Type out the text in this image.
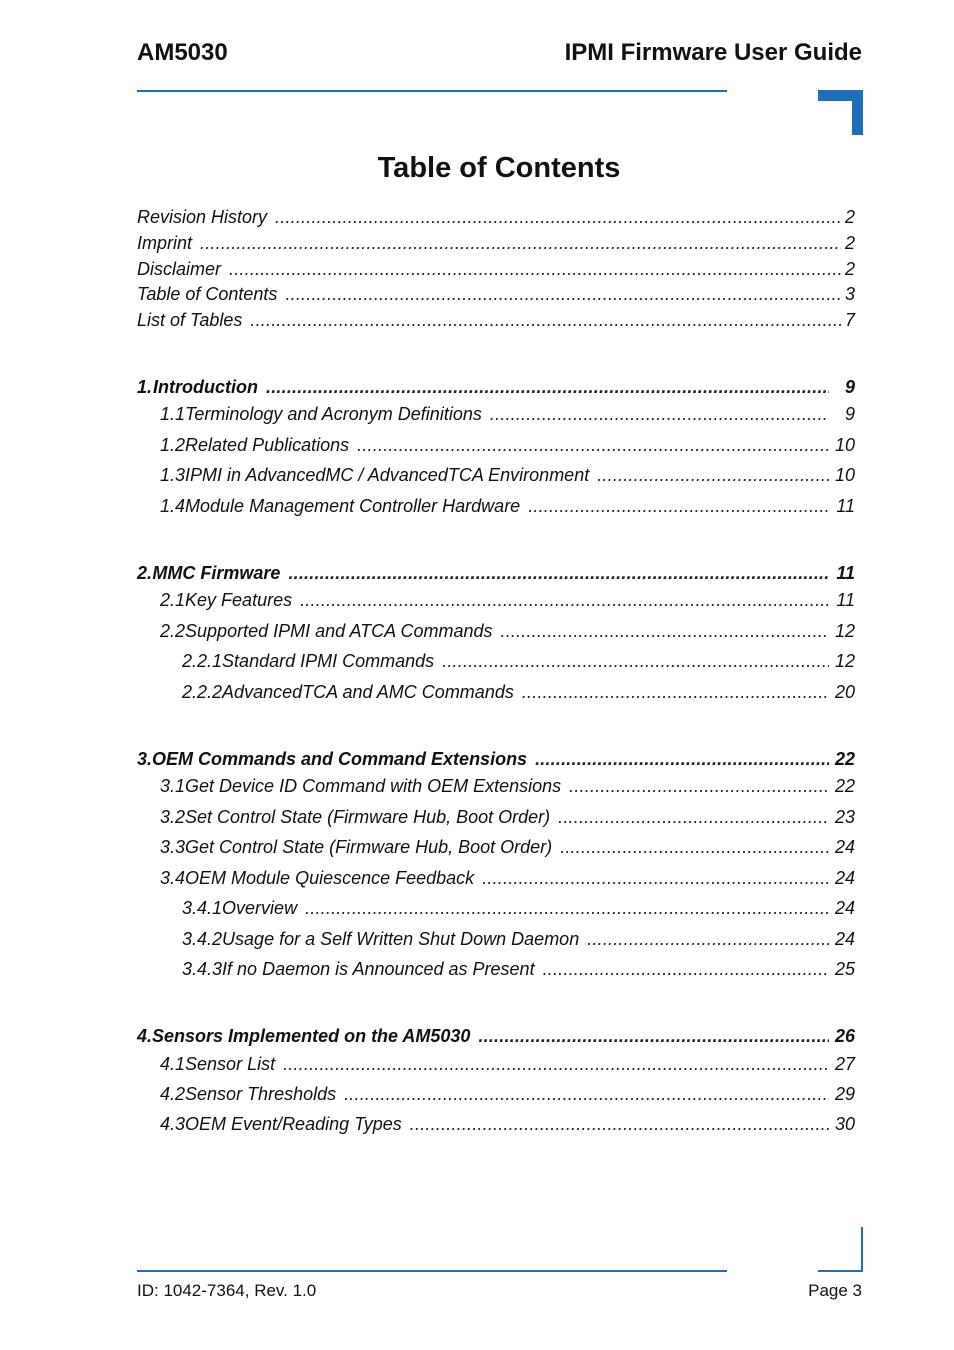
AM5030	IPMI Firmware User Guide
Table of Contents
Revision History . . .	2
Imprint . . .	2
Disclaimer . . .	2
Table of Contents . . .	3
List of Tables . . .	7
1. Introduction . . .	9
1.1 Terminology and Acronym Definitions . . .	9
1.2 Related Publications . . .	10
1.3 IPMI in AdvancedMC / AdvancedTCA Environment . . .	10
1.4 Module Management Controller Hardware . . .	11
2. MMC Firmware . . .	11
2.1 Key Features . . .	11
2.2 Supported IPMI and ATCA Commands . . .	12
2.2.1 Standard IPMI Commands . . .	12
2.2.2 AdvancedTCA and AMC Commands . . .	20
3. OEM Commands and Command Extensions . . .	22
3.1 Get Device ID Command with OEM Extensions . . .	22
3.2 Set Control State (Firmware Hub, Boot Order) . . .	23
3.3 Get Control State (Firmware Hub, Boot Order) . . .	24
3.4 OEM Module Quiescence Feedback . . .	24
3.4.1 Overview . . .	24
3.4.2 Usage for a Self Written Shut Down Daemon . . .	24
3.4.3 If no Daemon is Announced as Present . . .	25
4. Sensors Implemented on the AM5030 . . .	26
4.1 Sensor List . . .	27
4.2 Sensor Thresholds . . .	29
4.3 OEM Event/Reading Types . . .	30
ID: 1042-7364, Rev. 1.0	Page 3
